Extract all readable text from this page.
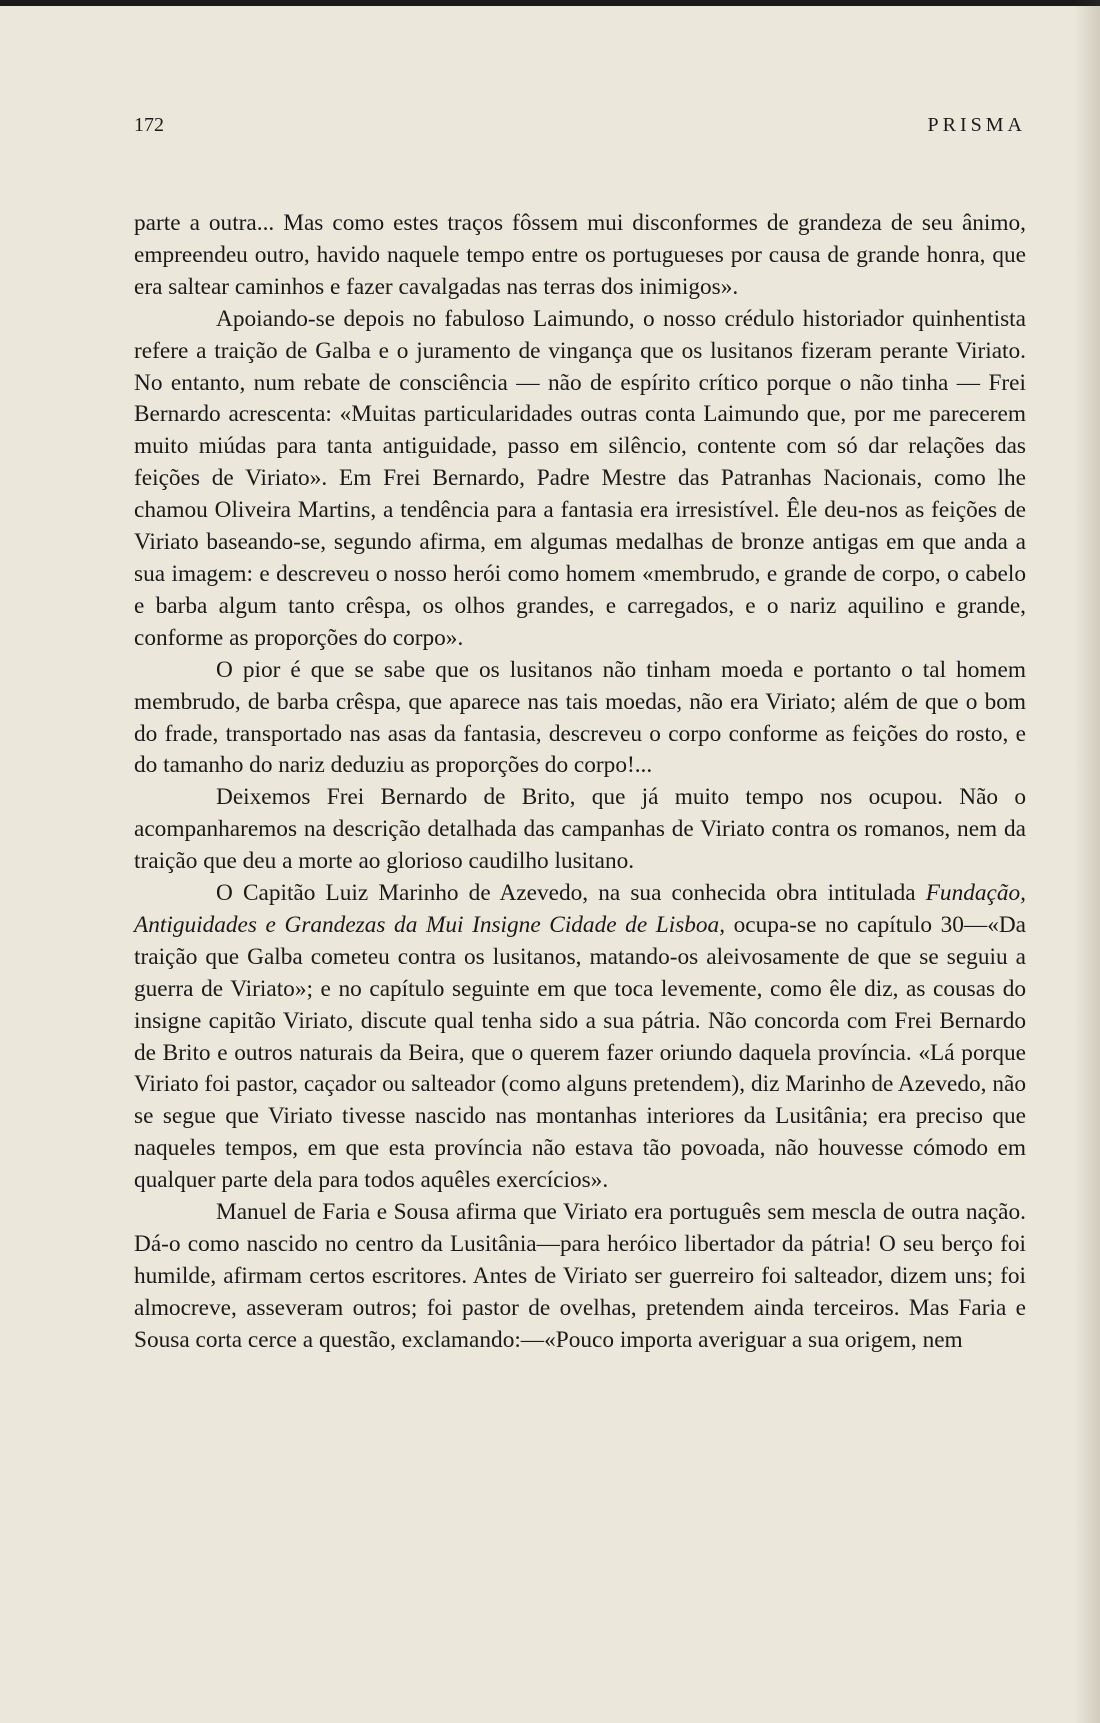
172	PRISMA

parte a outra... Mas como estes traços fôssem mui disconformes de grandeza de seu ânimo, empreendeu outro, havido naquele tempo entre os portugueses por causa de grande honra, que era saltear caminhos e fazer cavalgadas nas terras dos inimigos».

Apoiando-se depois no fabuloso Laimundo, o nosso crédulo historiador quinhentista refere a traição de Galba e o juramento de vingança que os lusitanos fizeram perante Viriato. No entanto, num rebate de consciência — não de espírito crítico porque o não tinha — Frei Bernardo acrescenta: «Muitas particularidades outras conta Laimundo que, por me parecerem muito miúdas para tanta antiguidade, passo em silêncio, contente com só dar relações das feições de Viriato». Em Frei Bernardo, Padre Mestre das Patranhas Nacionais, como lhe chamou Oliveira Martins, a tendência para a fantasia era irresistível. Êle deu-nos as feições de Viriato baseando-se, segundo afirma, em algumas medalhas de bronze antigas em que anda a sua imagem: e descreveu o nosso herói como homem «membrudo, e grande de corpo, o cabelo e barba algum tanto crêspa, os olhos grandes, e carregados, e o nariz aquilino e grande, conforme as proporções do corpo».

O pior é que se sabe que os lusitanos não tinham moeda e portanto o tal homem membrudo, de barba crêspa, que aparece nas tais moedas, não era Viriato; além de que o bom do frade, transportado nas asas da fantasia, descreveu o corpo conforme as feições do rosto, e do tamanho do nariz deduziu as proporções do corpo!...

Deixemos Frei Bernardo de Brito, que já muito tempo nos ocupou. Não o acompanharemos na descrição detalhada das campanhas de Viriato contra os romanos, nem da traição que deu a morte ao glorioso caudilho lusitano.

O Capitão Luiz Marinho de Azevedo, na sua conhecida obra intitulada Fundação, Antiguidades e Grandezas da Mui Insigne Cidade de Lisboa, ocupa-se no capítulo 30—«Da traição que Galba cometeu contra os lusitanos, matando-os aleivosamente de que se seguiu a guerra de Viriato»; e no capítulo seguinte em que toca levemente, como êle diz, as cousas do insigne capitão Viriato, discute qual tenha sido a sua pátria. Não concorda com Frei Bernardo de Brito e outros naturais da Beira, que o querem fazer oriundo daquela província. «Lá porque Viriato foi pastor, caçador ou salteador (como alguns pretendem), diz Marinho de Azevedo, não se segue que Viriato tivesse nascido nas montanhas interiores da Lusitânia; era preciso que naqueles tempos, em que esta província não estava tão povoada, não houvesse cómodo em qualquer parte dela para todos aquêles exercícios».

Manuel de Faria e Sousa afirma que Viriato era português sem mescla de outra nação. Dá-o como nascido no centro da Lusitânia—para heróico libertador da pátria! O seu berço foi humilde, afirmam certos escritores. Antes de Viriato ser guerreiro foi salteador, dizem uns; foi almocreve, asseveram outros; foi pastor de ovelhas, pretendem ainda terceiros. Mas Faria e Sousa corta cerce a questão, exclamando:—«Pouco importa averiguar a sua origem, nem
